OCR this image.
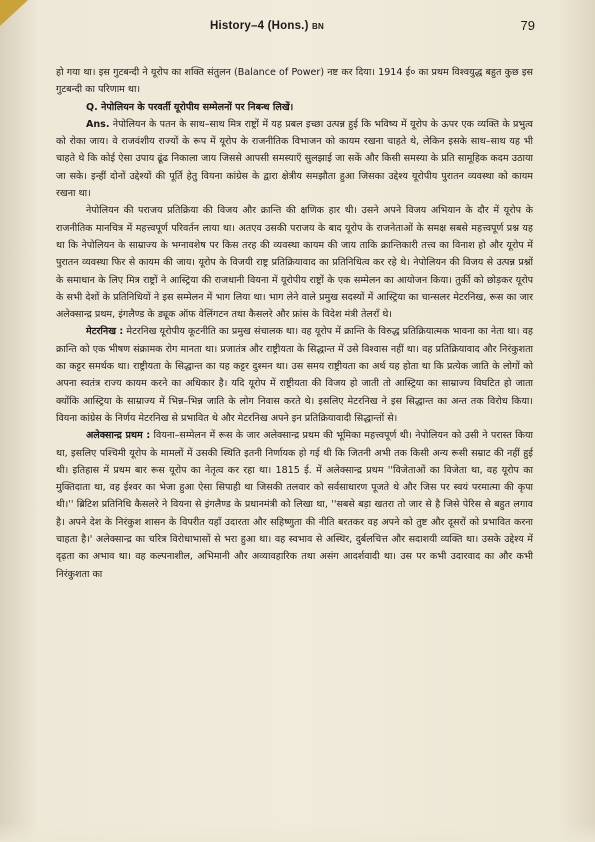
History–4 (Hons.) BN	79

हो गया था। इस गुटबन्दी ने यूरोप का शक्ति संतुलन (Balance of Power) नष्ट कर दिया। 1914 ई० का प्रथम विश्वयुद्ध बहुत कुछ इस गुटबन्दी का परिणाम था।

Q. नेपोलियन के परवर्ती यूरोपीय सम्मेलनों पर निबन्ध लिखें।

Ans. नेपोलियन के पतन के साथ–साथ मित्र राष्ट्रों में यह प्रबल इच्छा उत्पन्न हुई कि भविष्य में यूरोप के ऊपर एक व्यक्ति के प्रभुत्व को रोका जाय। वे राजवंशीय राज्यों के रूप में यूरोप के राजनीतिक विभाजन को कायम रखना चाहते थे, लेकिन इसके साथ–साथ यह भी चाहते थे कि कोई ऐसा उपाय ढूंढ निकाला जाय जिससे आपसी समस्याएँ सुलझाई जा सकें और किसी समस्या के प्रति सामूहिक कदम उठाया जा सके। इन्हीं दोनों उद्देश्यों की पूर्ति हेतु वियना कांग्रेस के द्वारा क्षेत्रीय समझौता हुआ जिसका उद्देश्य यूरोपीय पुरातन व्यवस्था को कायम रखना था।

नेपोलियन की पराजय प्रतिक्रिया की विजय और क्रान्ति की क्षणिक हार थी। उसने अपने विजय अभियान के दौर में यूरोप के राजनीतिक मानचित्र में महत्त्वपूर्ण परिवर्तन लाया था। अतएव उसकी पराजय के बाद यूरोप के राजनेताओं के समक्ष सबसे महत्त्वपूर्ण प्रश्न यह था कि नेपोलियन के साम्राज्य के भग्नावशेष पर किस तरह की व्यवस्था कायम की जाय ताकि क्रान्तिकारी तत्त्व का विनाश हो और यूरोप में पुरातन व्यवस्था फिर से कायम की जाय। यूरोप के विजयी राष्ट्र प्रतिक्रियावाद का प्रतिनिधित्व कर रहे थे। नेपोलियन की विजय से उत्पन्न प्रश्नों के समाधान के लिए मित्र राष्ट्रों ने आस्ट्रिया की राजधानी वियना में यूरोपीय राष्ट्रों के एक सम्मेलन का आयोजन किया। तुर्की को छोड़कर यूरोप के सभी देशों के प्रतिनिधियों ने इस सम्मेलन में भाग लिया था। भाग लेने वाले प्रमुख सदस्यों में आस्ट्रिया का चान्सलर मेटरनिख, रूस का जार अलेक्सान्द्र प्रथम, इंगलैण्ड के ड्यूक ऑफ वेलिंगटन तथा कैसलरे और फ्रांस के विदेश मंत्री तेलराँ थे।

मेटरनिख : मेटरनिख यूरोपीय कूटनीति का प्रमुख संचालक था। वह यूरोप में क्रान्ति के विरुद्ध प्रतिक्रियात्मक भावना का नेता था। वह क्रान्ति को एक भीषण संक्रामक रोग मानता था। प्रजातंत्र और राष्ट्रीयता के सिद्धान्त में उसे विश्वास नहीं था। वह प्रतिक्रियावाद और निरंकुशता का कट्टर समर्थक था। राष्ट्रीयता के सिद्धान्त का यह कट्टर दुश्मन था। उस समय राष्ट्रीयता का अर्थ यह होता था कि प्रत्येक जाति के लोगों को अपना स्वतंत्र राज्य कायम करने का अधिकार है। यदि यूरोप में राष्ट्रीयता की विजय हो जाती तो आस्ट्रिया का साम्राज्य विघटित हो जाता क्योंकि आस्ट्रिया के साम्राज्य में भिन्न–भिन्न जाति के लोग निवास करते थे। इसलिए मेटरनिख ने इस सिद्धान्त का अन्त तक विरोध किया। वियना कांग्रेस के निर्णय मेटरनिख से प्रभावित थे और मेटरनिख अपने इन प्रतिक्रियावादी सिद्धान्तों से।

अलेक्सान्द्र प्रथम : वियना–सम्मेलन में रूस के जार अलेक्सान्द्र प्रथम की भूमिका महत्त्वपूर्ण थी। नेपोलियन को उसी ने परास्त किया था, इसलिए पश्चिमी यूरोप के मामलों में उसकी स्थिति इतनी निर्णायक हो गई थी कि जितनी अभी तक किसी अन्य रूसी सम्राट की नहीं हुई थी। इतिहास में प्रथम बार रूस यूरोप का नेतृत्व कर रहा था। 1815 ई. में अलेक्सान्द्र प्रथम ''विजेताओं का विजेता था, वह यूरोप का मुक्तिदाता था, वह ईश्वर का भेजा हुआ ऐसा सिपाही था जिसकी तलवार को सर्वसाधारण पूजते थे और जिस पर स्वयं परमात्मा की कृपा थी।'' ब्रिटिश प्रतिनिधि कैसलरे ने वियना से इंगलैण्ड के प्रधानमंत्री को लिखा था, ''सबसे बड़ा खतरा तो जार से है जिसे पेरिस से बहुत लगाव है। अपने देश के निरंकुश शासन के विपरीत यहाँ उदारता और सहिष्णुता की नीति बरतकर वह अपने को तुष्ट और दूसरों को प्रभावित करना चाहता है।' अलेक्सान्द्र का चरित्र विरोधाभासों से भरा हुआ था। वह स्वभाव से अस्थिर, दुर्बलचित्त और सदाशयी व्यक्ति था। उसके उद्देश्य में दृढ़ता का अभाव था। वह कल्पनाशील, अभिमानी और अव्यावहारिक तथा असंग आदर्शवादी था। उस पर कभी उदारवाद का और कभी निरंकुशता का
